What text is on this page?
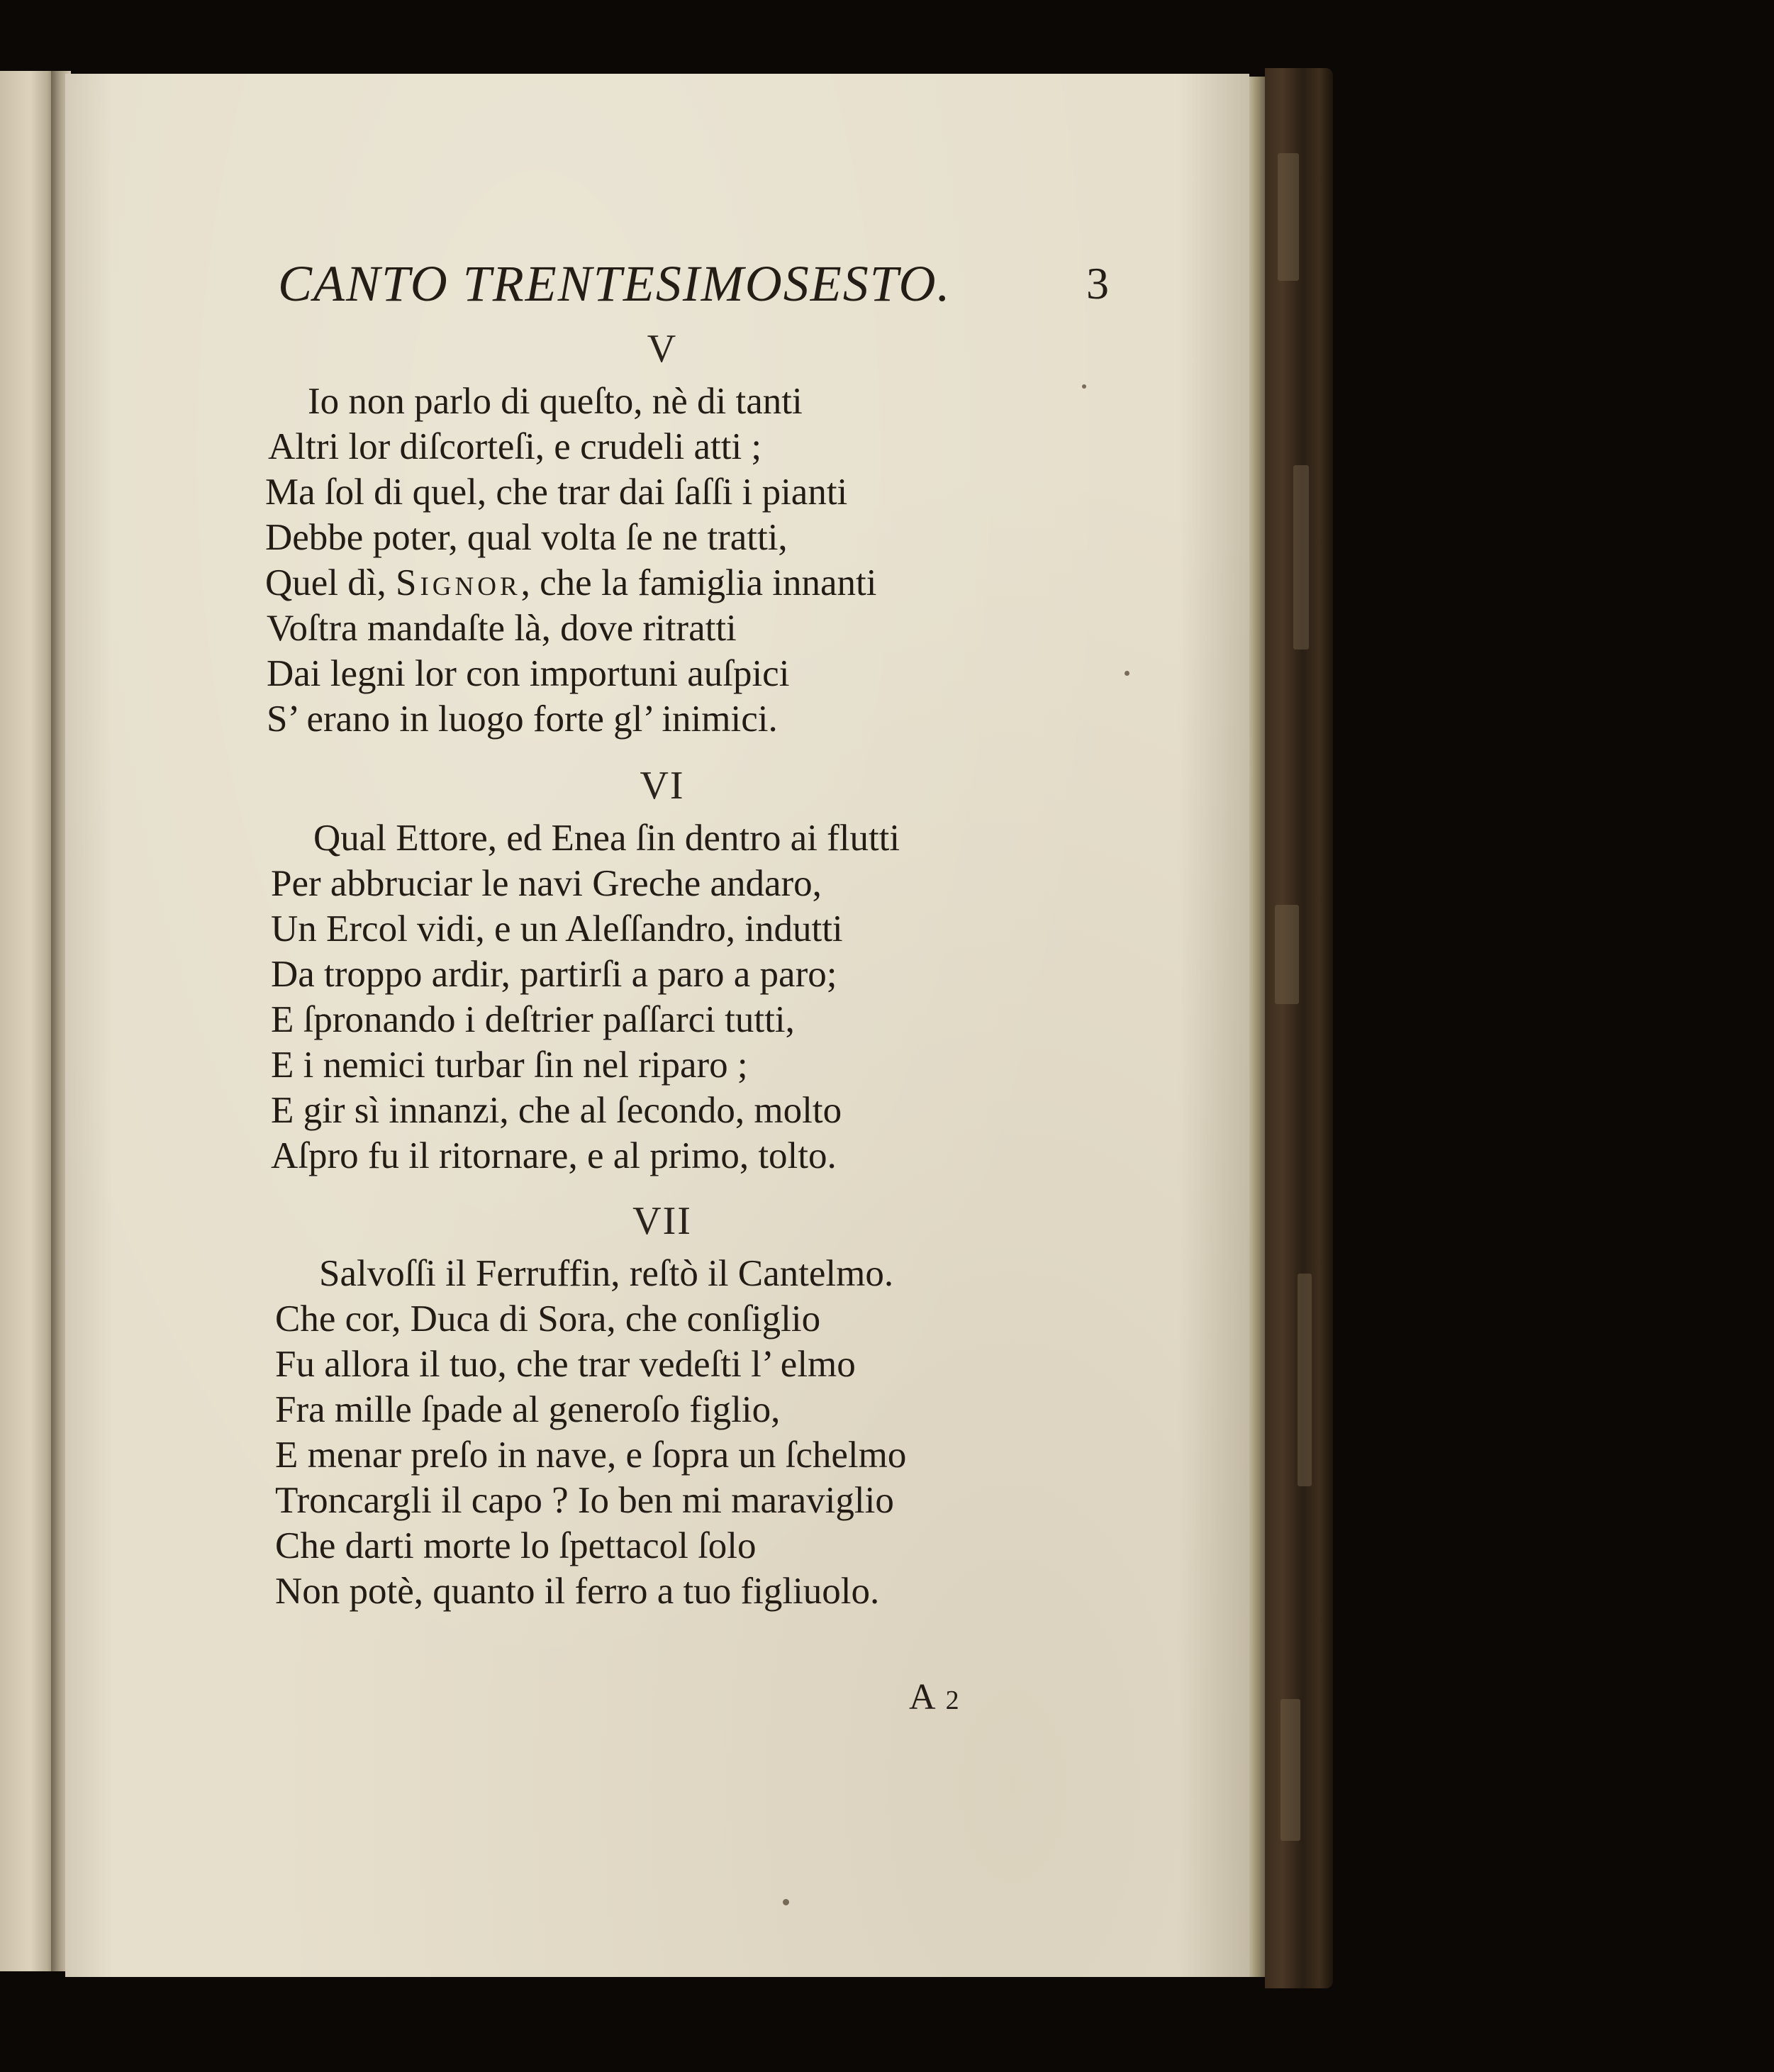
CANTO TRENTESIMOSESTO.	3
V
Io non parlo di queſto, nè di tanti
Altri lor diſcorteſi, e crudeli atti ;
Ma ſol di quel, che trar dai ſaſſi i pianti
Debbe poter, qual volta ſe ne tratti,
Quel dì, Signor, che la famiglia innanti
Voſtra mandaſte là, dove ritratti
Dai legni lor con importuni auſpici
S’ erano in luogo forte gl’ inimici.
VI
Qual Ettore, ed Enea ſin dentro ai flutti
Per abbruciar le navi Greche andaro,
Un Ercol vidi, e un Aleſſandro, indutti
Da troppo ardir, partirſi a paro a paro;
E ſpronando i deſtrier paſſarci tutti,
E i nemici turbar ſin nel riparo ;
E gir sì innanzi, che al ſecondo, molto
Aſpro fu il ritornare, e al primo, tolto.
VII
Salvoſſi il Ferruffin, reſtò il Cantelmo.
Che cor, Duca di Sora, che conſiglio
Fu allora il tuo, che trar vedeſti l’ elmo
Fra mille ſpade al generoſo figlio,
E menar preſo in nave, e ſopra un ſchelmo
Troncargli il capo ? Io ben mi maraviglio
Che darti morte lo ſpettacol ſolo
Non potè, quanto il ferro a tuo figliuolo.
A 2
